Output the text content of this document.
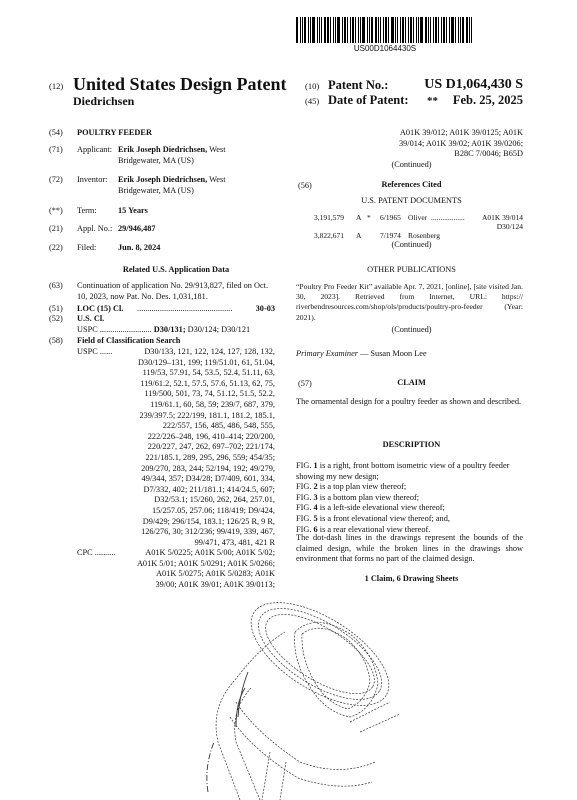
US00D1064430S
(12) United States Design Patent
Diedrichsen
(10) Patent No.:	US D1,064,430 S
(45) Date of Patent: **	Feb. 25, 2025
(54) POULTRY FEEDER
(71) Applicant: Erik Joseph Diedrichsen, West
Bridgewater, MA (US)
(72) Inventor: Erik Joseph Diedrichsen, West
Bridgewater, MA (US)
(**) Term:	15 Years
(21) Appl. No.: 29/946,487
(22) Filed:	Jun. 8, 2024
Related U.S. Application Data
(63) Continuation of application No. 29/913,827, filed on Oct. 10, 2023, now Pat. No. Des. 1,031,181.
(51) LOC (15) Cl. ..............................................	30-03
(52) U.S. Cl.
USPC ......................... D30/131; D30/124; D30/121
(58) Field of Classification Search
USPC ......	D30/133, 121, 122, 124, 127, 128, 132,
D30/129–131, 199; 119/51.01, 61, 51.04,
119/53, 57.91, 54, 53.5, 52.4, 51.11, 63,
119/61.2, 52.1, 57.5, 57.6, 51.13, 62, 75,
119/500, 501, 73, 74, 51.12, 51.5, 52.2,
119/61.1, 60, 58, 59; 239/7, 687, 379,
239/397.5; 222/199, 181.1, 181.2, 185.1,
222/557, 156, 485, 486, 548, 555,
222/226–248, 196, 410–414; 220/200,
220/227, 247, 262, 697–702; 221/174,
221/185.1, 289, 295, 296, 559; 454/35;
209/270, 283, 244; 52/194, 192; 49/279,
49/344, 357; D34/28; D7/409, 601, 334,
D7/332, 402; 211/181.1; 414/24.5, 607;
D32/53.1; 15/260, 262, 264, 257.01,
15/257.05, 257.06; 118/419; D9/424,
D9/429; 296/154, 183.1; 126/25 R, 9 R,
126/276, 30; 312/236; 99/419, 339, 467,
99/471, 473, 481, 421 R
CPC ..........	A01K 5/0225; A01K 5/00; A01K 5/02;
A01K 5/01; A01K 5/0291; A01K 5/0266;
A01K 5/0275; A01K 5/0283; A01K
39/00; A01K 39/01; A01K 39/0113;
A01K 39/012; A01K 39/0125; A01K
39/014; A01K 39/02; A01K 39/0206;
B28C 7/0046; B65D
(Continued)
(56)	References Cited
U.S. PATENT DOCUMENTS
3,191,579 A * 6/1965 Oliver ..................	A01K 39/014
D30/124
3,822,671 A 7/1974 Rosenberg
(Continued)
OTHER PUBLICATIONS
“Poultry Pro Feeder Kit” available Apr. 7, 2021, [online], [site visited Jan. 30, 2023]. Retrieved from Internet, URL: https:// riverbendresources.com/shop/ols/products/poultry-pro-feeder (Year: 2021).
(Continued)
Primary Examiner — Susan Moon Lee
(57)	CLAIM
The ornamental design for a poultry feeder as shown and described.
DESCRIPTION
FIG. 1 is a right, front bottom isometric view of a poultry feeder showing my new design;
FIG. 2 is a top plan view thereof;
FIG. 3 is a bottom plan view thereof;
FIG. 4 is a left-side elevational view thereof;
FIG. 5 is a front elevational view thereof; and,
FIG. 6 is a rear elevational view thereof.
The dot-dash lines in the drawings represent the bounds of the claimed design, while the broken lines in the drawings show environment that forms no part of the claimed design.
1 Claim, 6 Drawing Sheets
